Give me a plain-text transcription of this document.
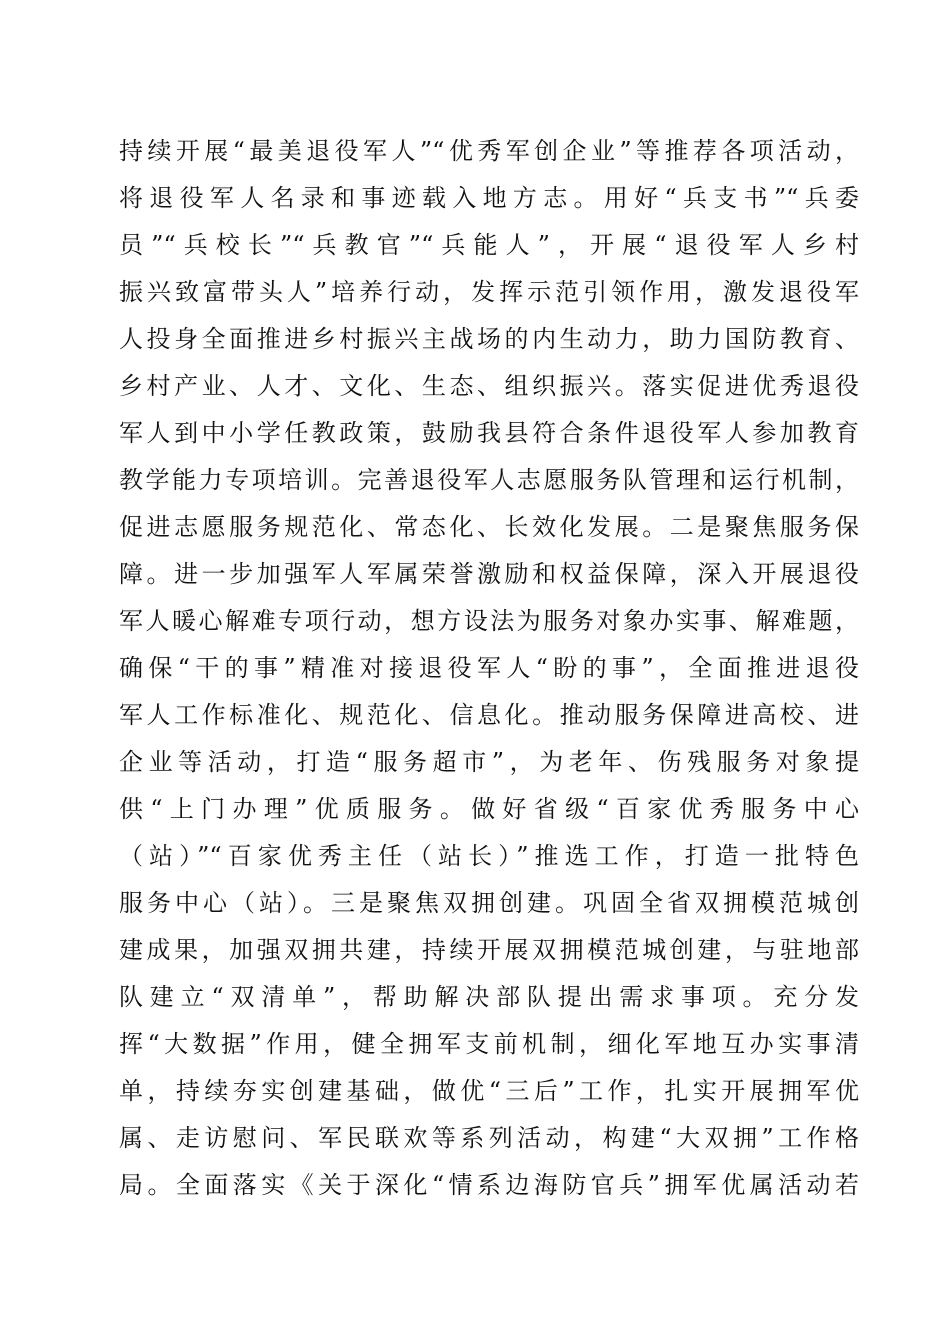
持续开展“最美退役军人”“优秀军创企业”等推荐各项活动，
将退役军人名录和事迹载入地方志。用好“兵支书”“兵委
员”“兵校长”“兵教官”“兵能人”，开展“退役军人乡村
振兴致富带头人”培养行动，发挥示范引领作用，激发退役军
人投身全面推进乡村振兴主战场的内生动力，助力国防教育、
乡村产业、人才、文化、生态、组织振兴。落实促进优秀退役
军人到中小学任教政策，鼓励我县符合条件退役军人参加教育
教学能力专项培训。完善退役军人志愿服务队管理和运行机制，
促进志愿服务规范化、常态化、长效化发展。二是聚焦服务保
障。进一步加强军人军属荣誉激励和权益保障，深入开展退役
军人暖心解难专项行动，想方设法为服务对象办实事、解难题，
确保“干的事”精准对接退役军人“盼的事”，全面推进退役
军人工作标准化、规范化、信息化。推动服务保障进高校、进
企业等活动，打造“服务超市”，为老年、伤残服务对象提
供“上门办理”优质服务。做好省级“百家优秀服务中心
（站）”“百家优秀主任（站长）”推选工作，打造一批特色
服务中心（站）。三是聚焦双拥创建。巩固全省双拥模范城创
建成果，加强双拥共建，持续开展双拥模范城创建，与驻地部
队建立“双清单”，帮助解决部队提出需求事项。充分发
挥“大数据”作用，健全拥军支前机制，细化军地互办实事清
单，持续夯实创建基础，做优“三后”工作，扎实开展拥军优
属、走访慰问、军民联欢等系列活动，构建“大双拥”工作格
局。全面落实《关于深化“情系边海防官兵”拥军优属活动若
